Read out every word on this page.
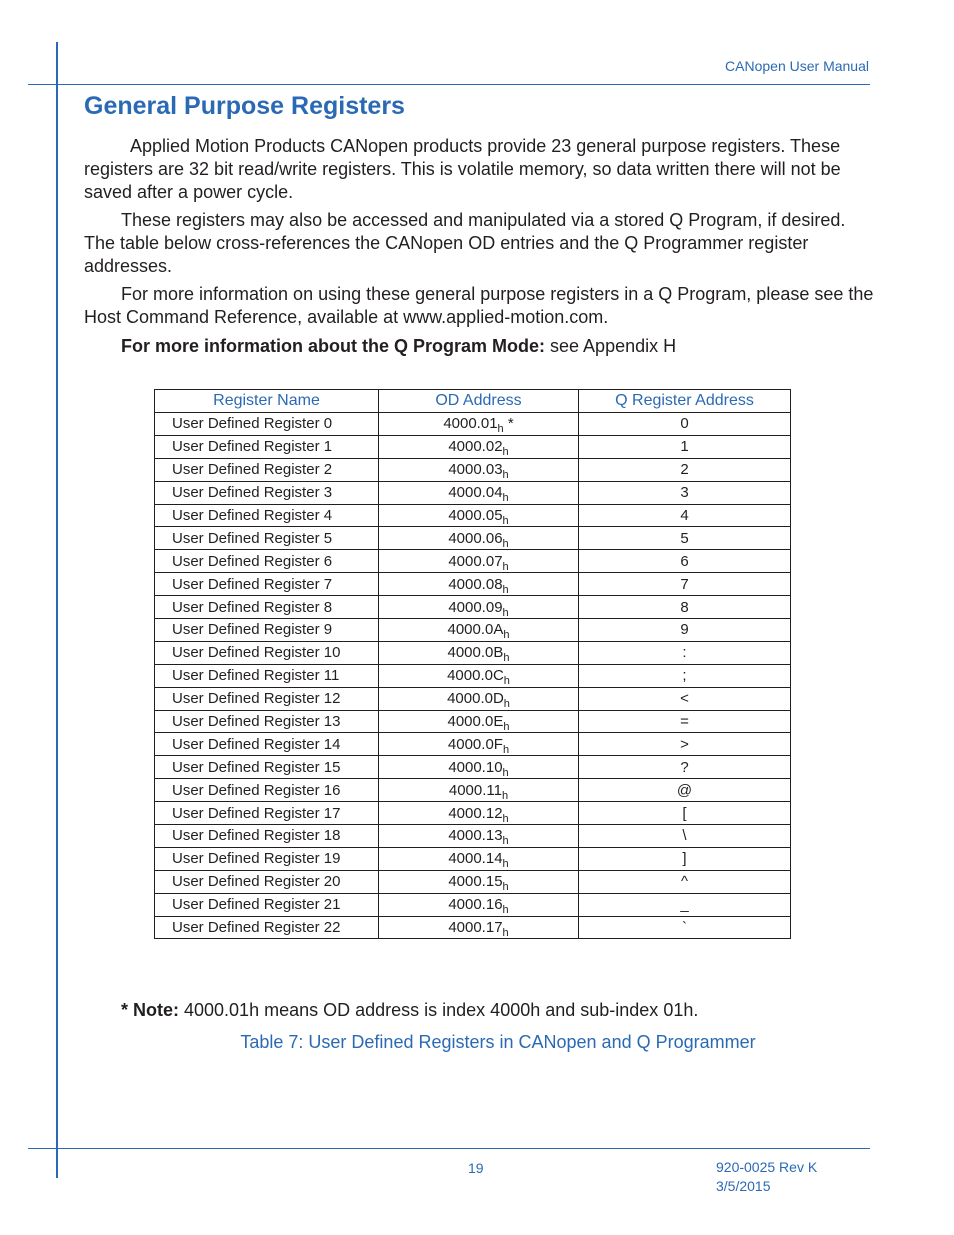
CANopen User Manual
General Purpose Registers

Applied Motion Products CANopen products provide 23 general purpose registers. These registers are 32 bit read/write registers. This is volatile memory, so data written there will not be saved after a power cycle.

These registers may also be accessed and manipulated via a stored Q Program, if desired. The table below cross-references the CANopen OD entries and the Q Programmer register addresses.

For more information on using these general purpose registers in a Q Program, please see the Host Command Reference, available at www.applied-motion.com.

For more information about the Q Program Mode: see Appendix H

Register Name	OD Address	Q Register Address
User Defined Register 0	$4000.01_h$ *	0
User Defined Register 1	$4000.02_h$	1
User Defined Register 2	$4000.03_h$	2
User Defined Register 3	$4000.04_h$	3
User Defined Register 4	$4000.05_h$	4
User Defined Register 5	$4000.06_h$	5
User Defined Register 6	$4000.07_h$	6
User Defined Register 7	$4000.08_h$	7
User Defined Register 8	$4000.09_h$	8
User Defined Register 9	$4000.0A_h$	9
User Defined Register 10	$4000.0B_h$	:
User Defined Register 11	$4000.0C_h$	;
User Defined Register 12	$4000.0D_h$	<
User Defined Register 13	$4000.0E_h$	=
User Defined Register 14	$4000.0F_h$	>
User Defined Register 15	$4000.10_h$	?
User Defined Register 16	$4000.11_h$	@
User Defined Register 17	$4000.12_h$	[
User Defined Register 18	$4000.13_h$	\
User Defined Register 19	$4000.14_h$	]
User Defined Register 20	$4000.15_h$	^
User Defined Register 21	$4000.16_h$	_
User Defined Register 22	$4000.17_h$	`

* Note: 4000.01h means OD address is index 4000h and sub-index 01h.

Table 7: User Defined Registers in CANopen and Q Programmer

19	920-0025 Rev K
3/5/2015
